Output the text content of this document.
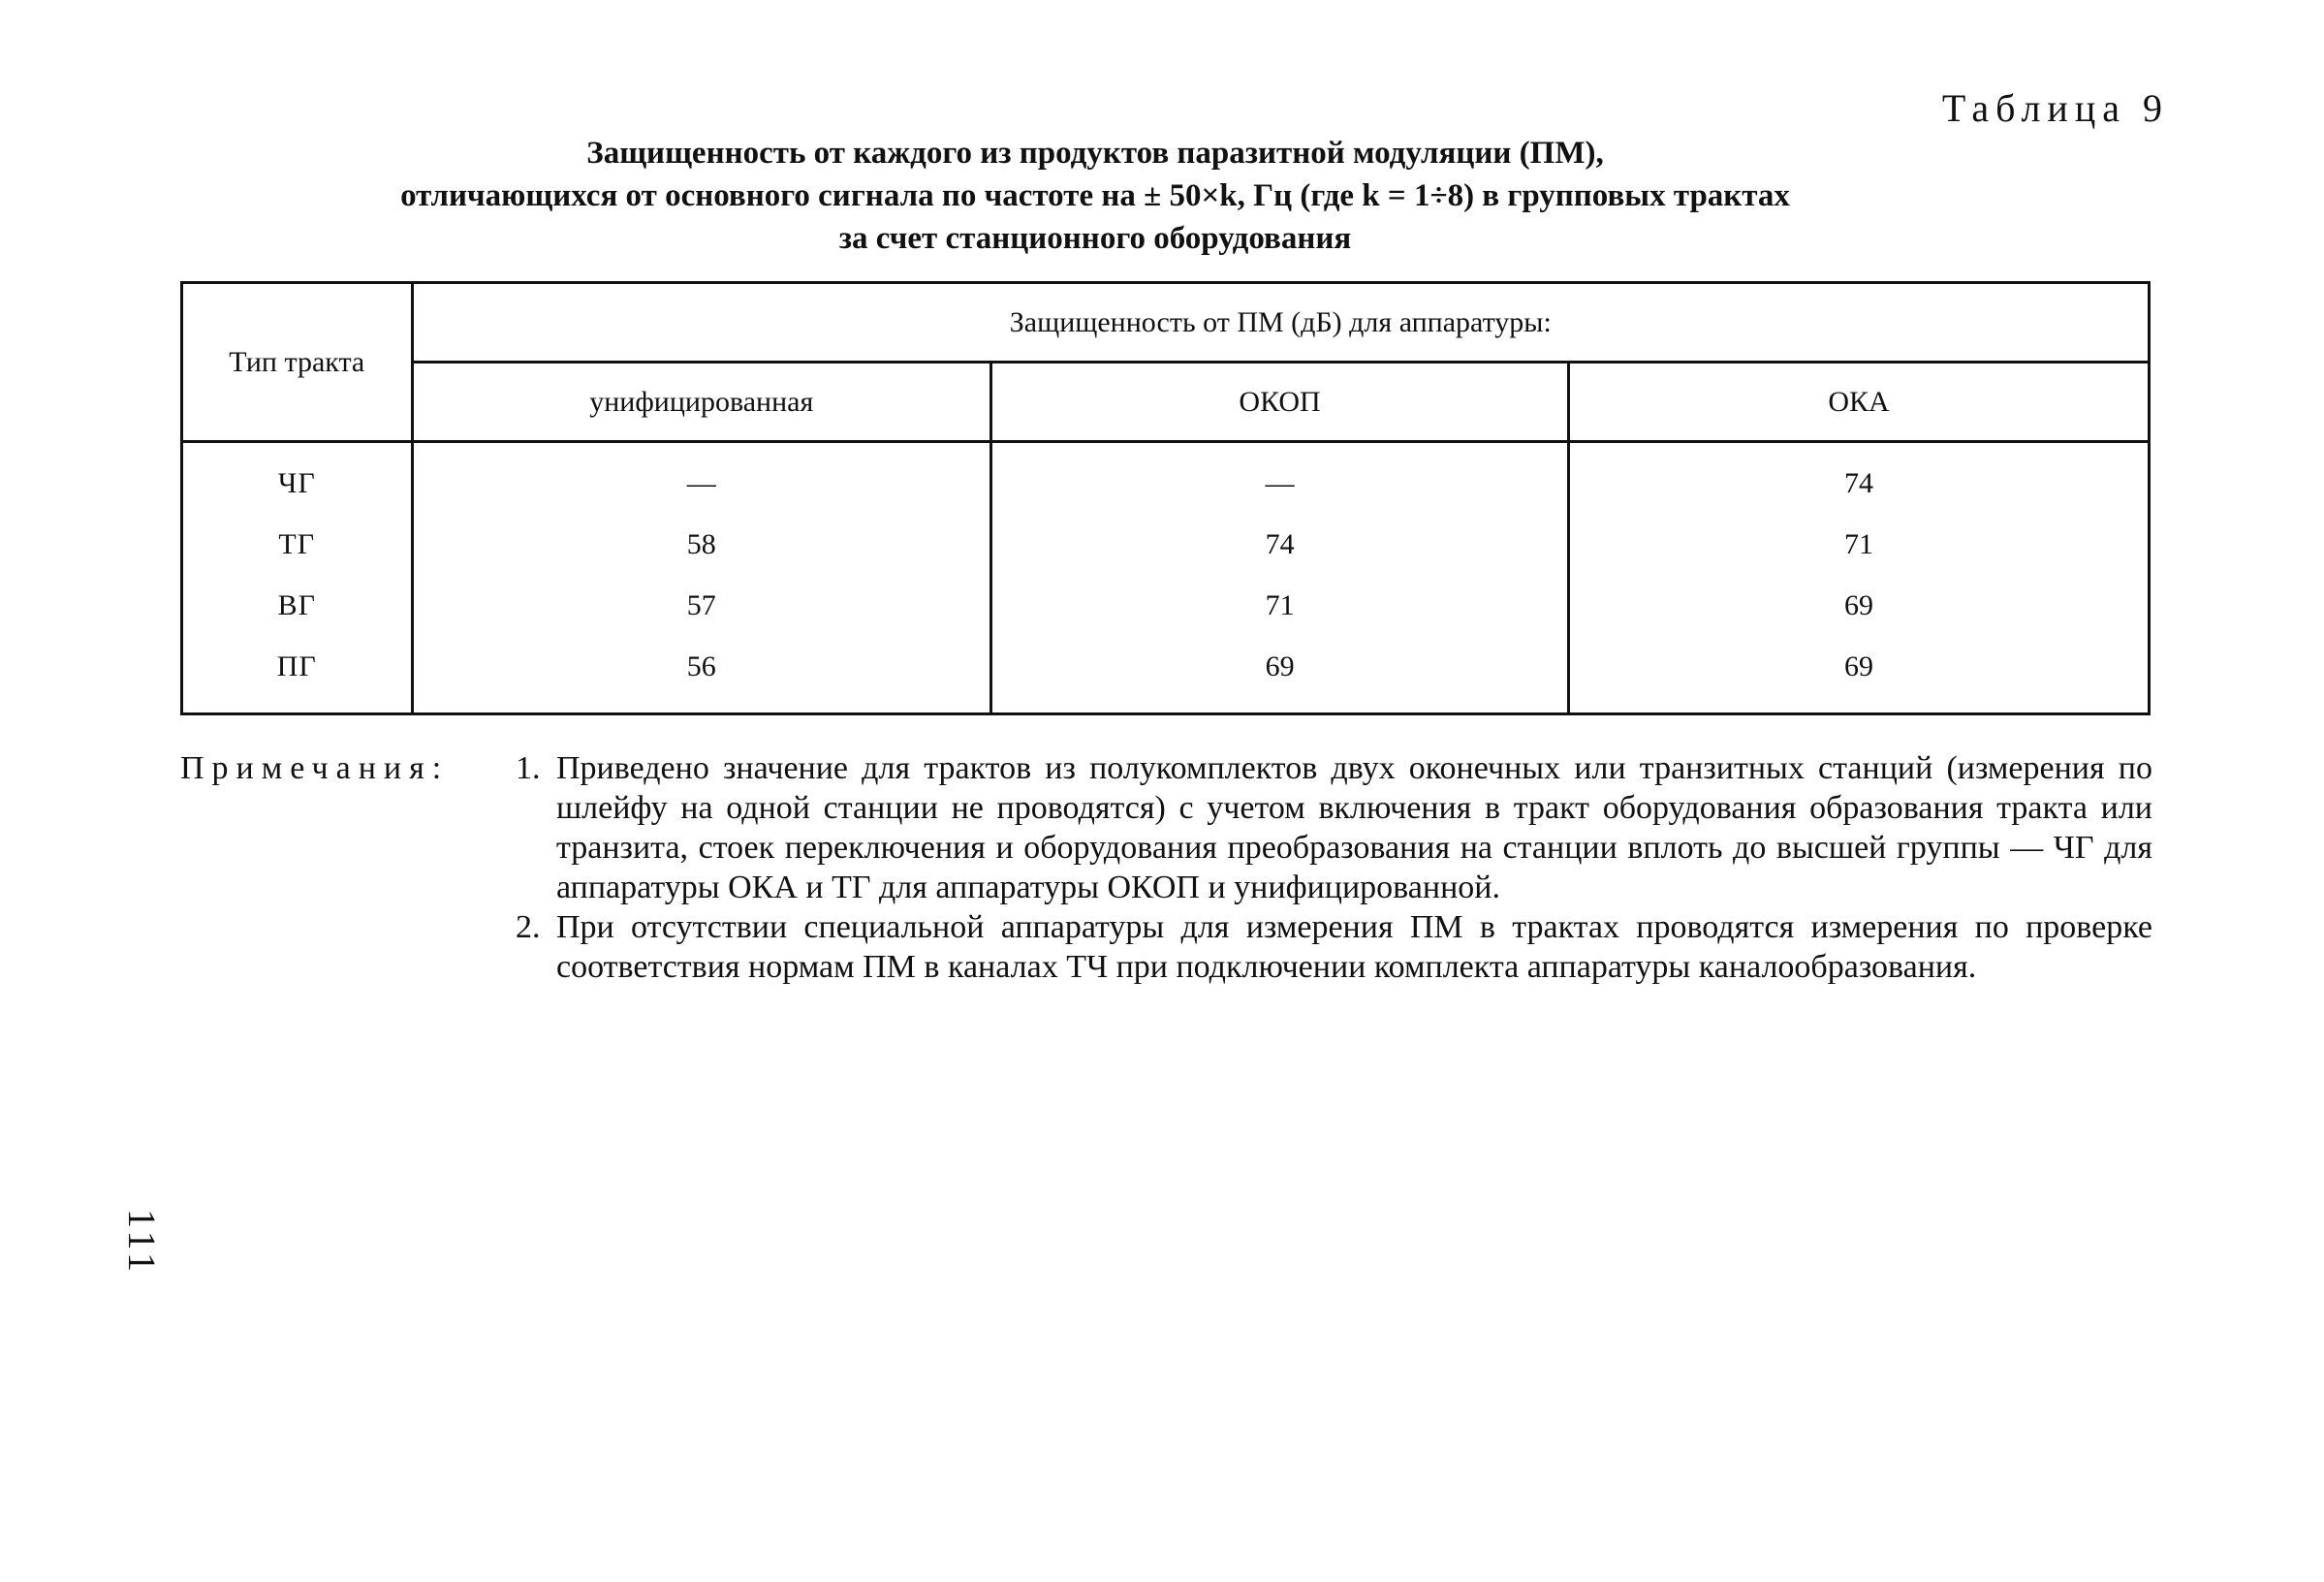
Таблица 9
Защищенность от каждого из продуктов паразитной модуляции (ПМ),
отличающихся от основного сигнала по частоте на ± 50×k, Гц (где k = 1÷8) в групповых трактах
за счет станционного оборудования
Тип тракта	Защищенность от ПМ (дБ) для аппаратуры:		
	унифицированная	ОКОП	ОКА
ЧГ	—	—	74
ТГ	58	74	71
ВГ	57	71	69
ПГ	56	69	69
Примечания: 1. Приведено значение для трактов из полукомплектов двух оконечных или транзитных станций (измерения по шлейфу на одной станции не проводятся) с учетом включения в тракт оборудования образования тракта или транзита, стоек переключения и оборудования преобразования на станции вплоть до высшей группы — ЧГ для аппаратуры ОКА и ТГ для аппаратуры ОКОП и унифицированной.
2. При отсутствии специальной аппаратуры для измерения ПМ в трактах проводятся измерения по проверке соответствия нормам ПМ в каналах ТЧ при подключении комплекта аппаратуры каналообразования.
111
